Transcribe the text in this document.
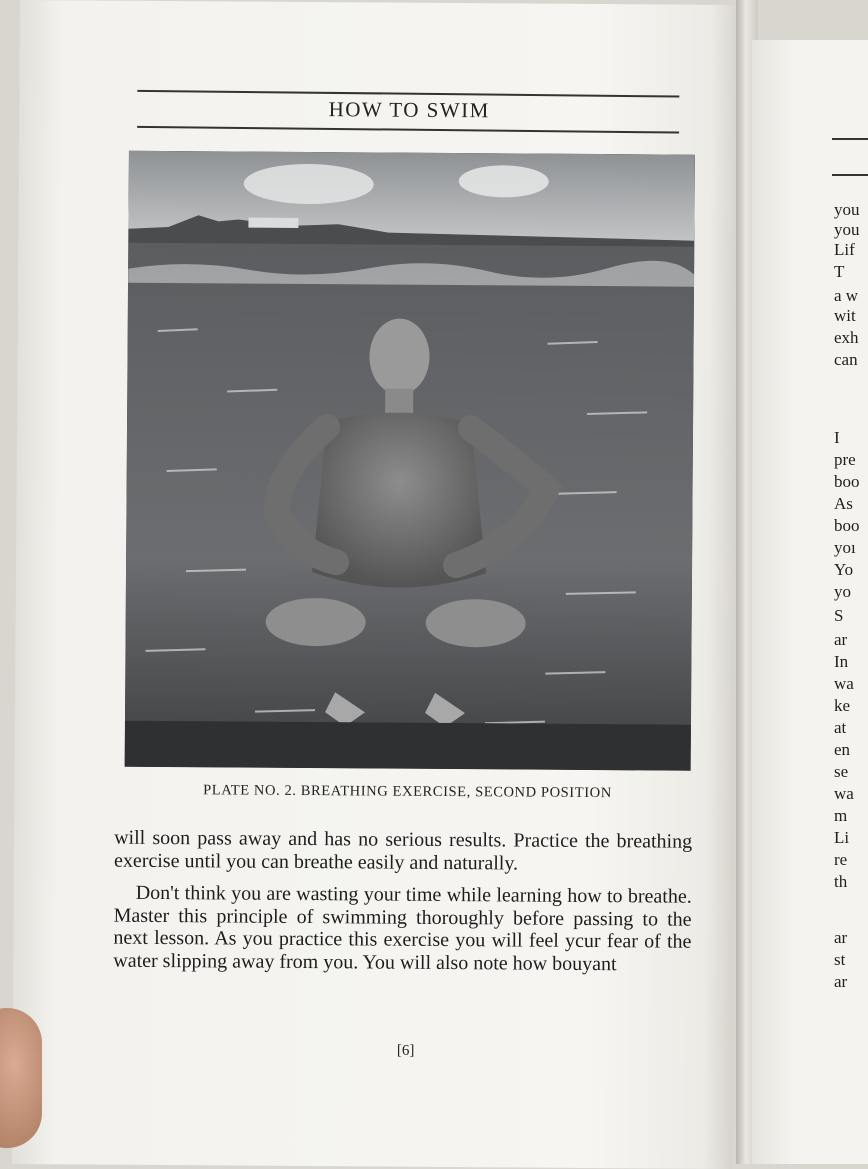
HOW TO SWIM
PLATE NO. 2. BREATHING EXERCISE, SECOND POSITION

will soon pass away and has no serious results. Practice the breathing exercise until you can breathe easily and naturally.

Don't think you are wasting your time while learning how to breathe. Master this principle of swimming thoroughly before passing to the next lesson. As you practice this exercise you will feel ycur fear of the water slipping away from you. You will also note how bouyant

[6]
you
you
Lif
T
a w
wit
exh
can
I
pre
boo
As
boo
yoı
Yo
yo
S
ar
In
wa
ke
at
en
se
wa
m
Li
re
th
ar
st
ar
